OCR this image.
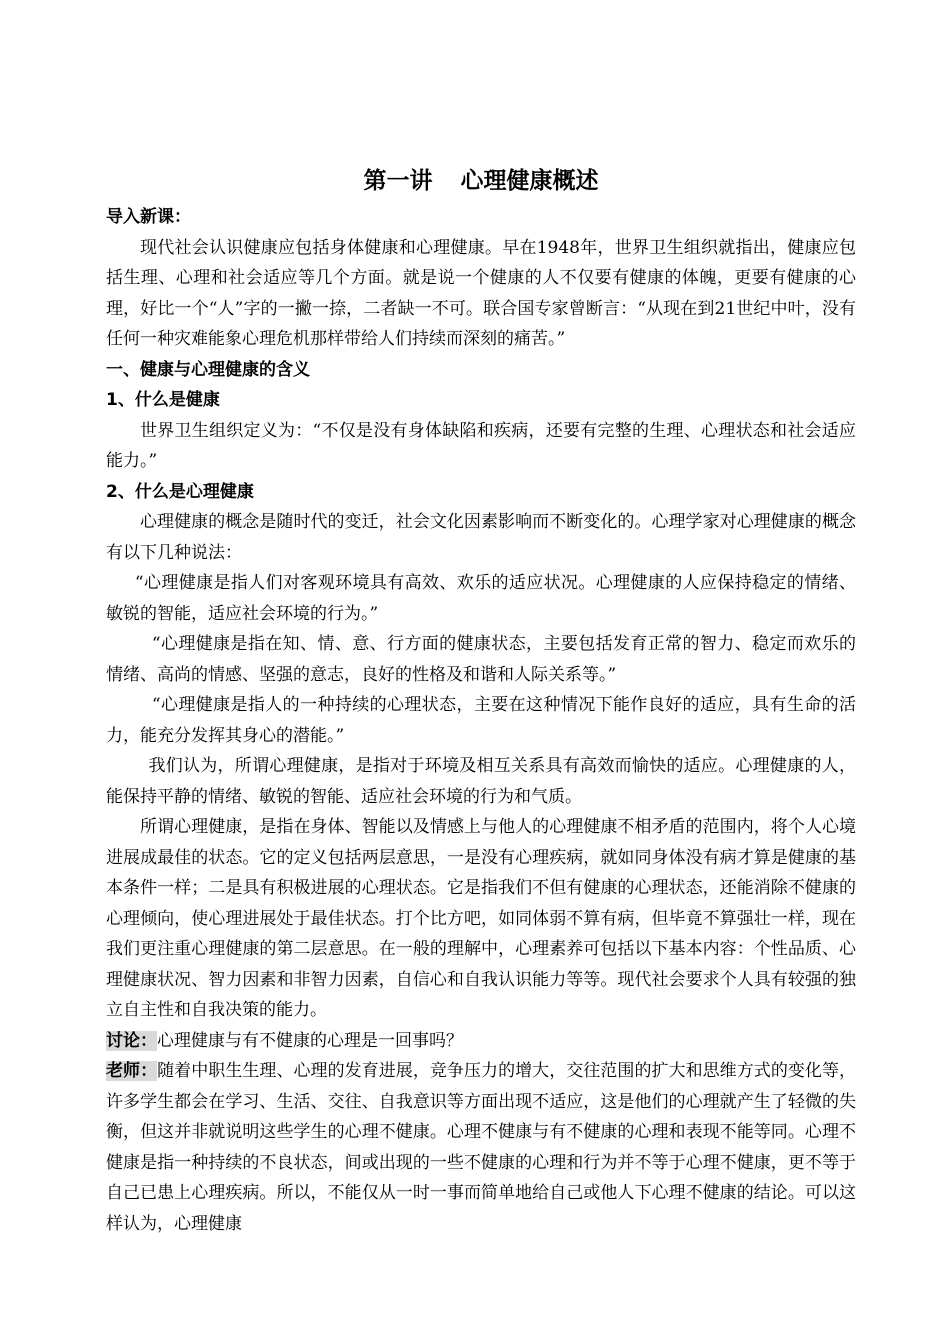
第一讲 心理健康概述
导入新课：

现代社会认识健康应包括身体健康和心理健康。早在1948年，世界卫生组织就指出，健康应包括生理、心理和社会适应等几个方面。就是说一个健康的人不仅要有健康的体魄，更要有健康的心理，好比一个“人”字的一撇一捺，二者缺一不可。联合国专家曾断言：“从现在到21世纪中叶，没有任何一种灾难能象心理危机那样带给人们持续而深刻的痛苦。”

一、健康与心理健康的含义
1、什么是健康

世界卫生组织定义为：“不仅是没有身体缺陷和疾病，还要有完整的生理、心理状态和社会适应能力。”

2、什么是心理健康

心理健康的概念是随时代的变迁，社会文化因素影响而不断变化的。心理学家对心理健康的概念有以下几种说法：

“心理健康是指人们对客观环境具有高效、欢乐的适应状况。心理健康的人应保持稳定的情绪、敏锐的智能，适应社会环境的行为。”

“心理健康是指在知、情、意、行方面的健康状态，主要包括发育正常的智力、稳定而欢乐的情绪、高尚的情感、坚强的意志，良好的性格及和谐和人际关系等。”

“心理健康是指人的一种持续的心理状态，主要在这种情况下能作良好的适应，具有生命的活力，能充分发挥其身心的潜能。”

我们认为，所谓心理健康，是指对于环境及相互关系具有高效而愉快的适应。心理健康的人，能保持平静的情绪、敏锐的智能、适应社会环境的行为和气质。

所谓心理健康，是指在身体、智能以及情感上与他人的心理健康不相矛盾的范围内，将个人心境进展成最佳的状态。它的定义包括两层意思，一是没有心理疾病，就如同身体没有病才算是健康的基本条件一样；二是具有积极进展的心理状态。它是指我们不但有健康的心理状态，还能消除不健康的心理倾向，使心理进展处于最佳状态。打个比方吧，如同体弱不算有病，但毕竟不算强壮一样，现在我们更注重心理健康的第二层意思。在一般的理解中，心理素养可包括以下基本内容：个性品质、心理健康状况、智力因素和非智力因素，自信心和自我认识能力等等。现代社会要求个人具有较强的独立自主性和自我决策的能力。

讨论：心理健康与有不健康的心理是一回事吗？

老师：随着中职生生理、心理的发育进展，竞争压力的增大，交往范围的扩大和思维方式的变化等，许多学生都会在学习、生活、交往、自我意识等方面出现不适应，这是他们的心理就产生了轻微的失衡，但这并非就说明这些学生的心理不健康。心理不健康与有不健康的心理和表现不能等同。心理不健康是指一种持续的不良状态，间或出现的一些不健康的心理和行为并不等于心理不健康，更不等于自己已患上心理疾病。所以，不能仅从一时一事而简单地给自己或他人下心理不健康的结论。可以这样认为，心理健康
